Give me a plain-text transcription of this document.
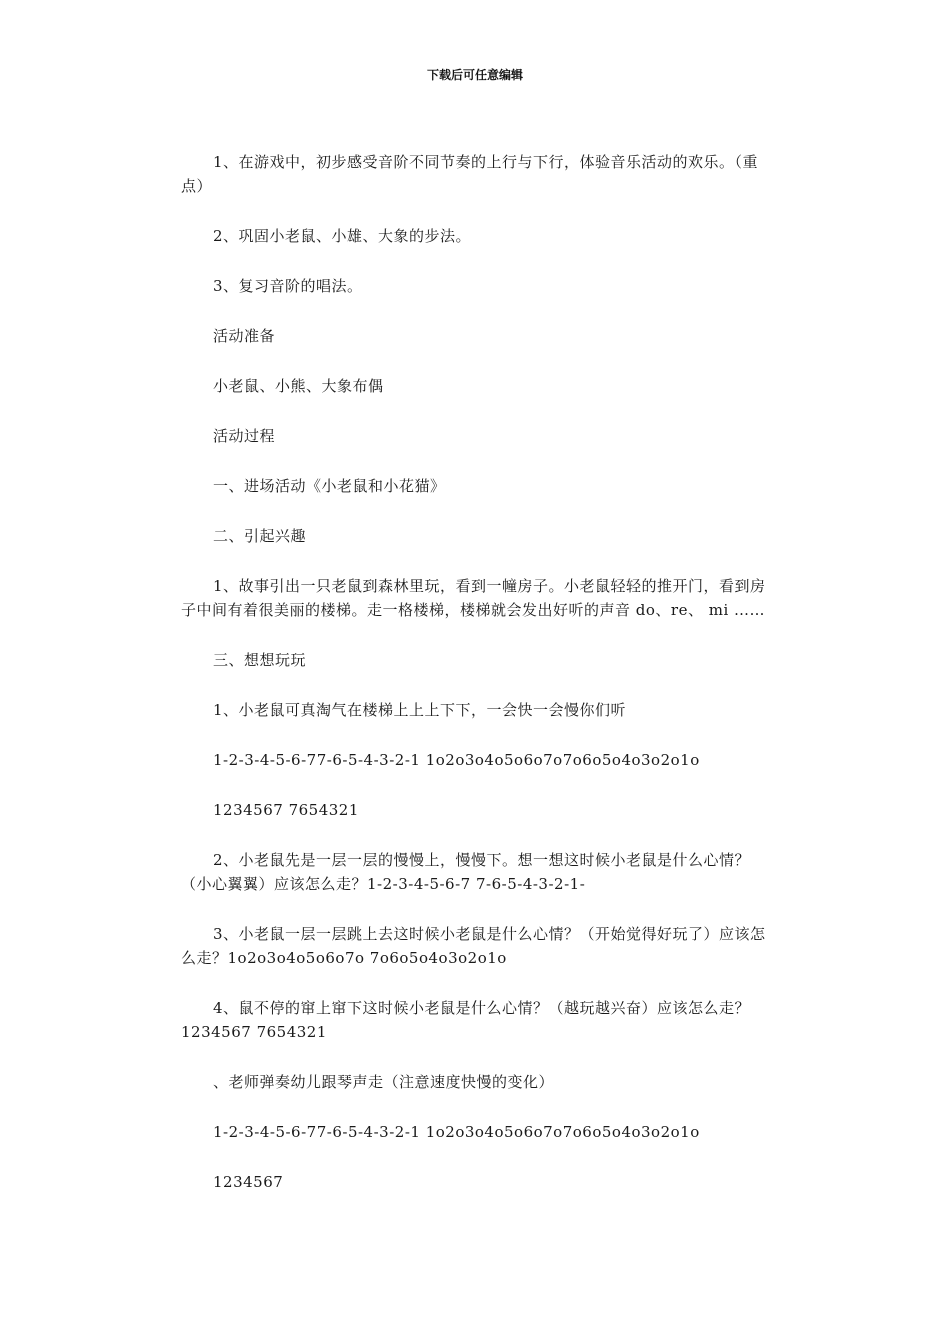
下载后可任意编辑

1、在游戏中，初步感受音阶不同节奏的上行与下行，体验音乐活动的欢乐。（重点）

2、巩固小老鼠、小雄、大象的步法。

3、复习音阶的唱法。

活动准备

小老鼠、小熊、大象布偶

活动过程

一、进场活动《小老鼠和小花猫》

二、引起兴趣

1、故事引出一只老鼠到森林里玩，看到一幢房子。小老鼠轻轻的推开门，看到房子中间有着很美丽的楼梯。走一格楼梯，楼梯就会发出好听的声音 do、re、 mi ……

三、想想玩玩

1、小老鼠可真淘气在楼梯上上上下下，一会快一会慢你们听

1-2-3-4-5-6-77-6-5-4-3-2-1 1o2o3o4o5o6o7o7o6o5o4o3o2o1o

1234567 7654321

2、小老鼠先是一层一层的慢慢上，慢慢下。想一想这时候小老鼠是什么心情？（小心翼翼）应该怎么走？1-2-3-4-5-6-7 7-6-5-4-3-2-1-

3、小老鼠一层一层跳上去这时候小老鼠是什么心情？（开始觉得好玩了）应该怎么走？1o2o3o4o5o6o7o 7o6o5o4o3o2o1o

4、鼠不停的窜上窜下这时候小老鼠是什么心情？（越玩越兴奋）应该怎么走？1234567 7654321

、老师弹奏幼儿跟琴声走（注意速度快慢的变化）

1-2-3-4-5-6-77-6-5-4-3-2-1 1o2o3o4o5o6o7o7o6o5o4o3o2o1o

1234567
